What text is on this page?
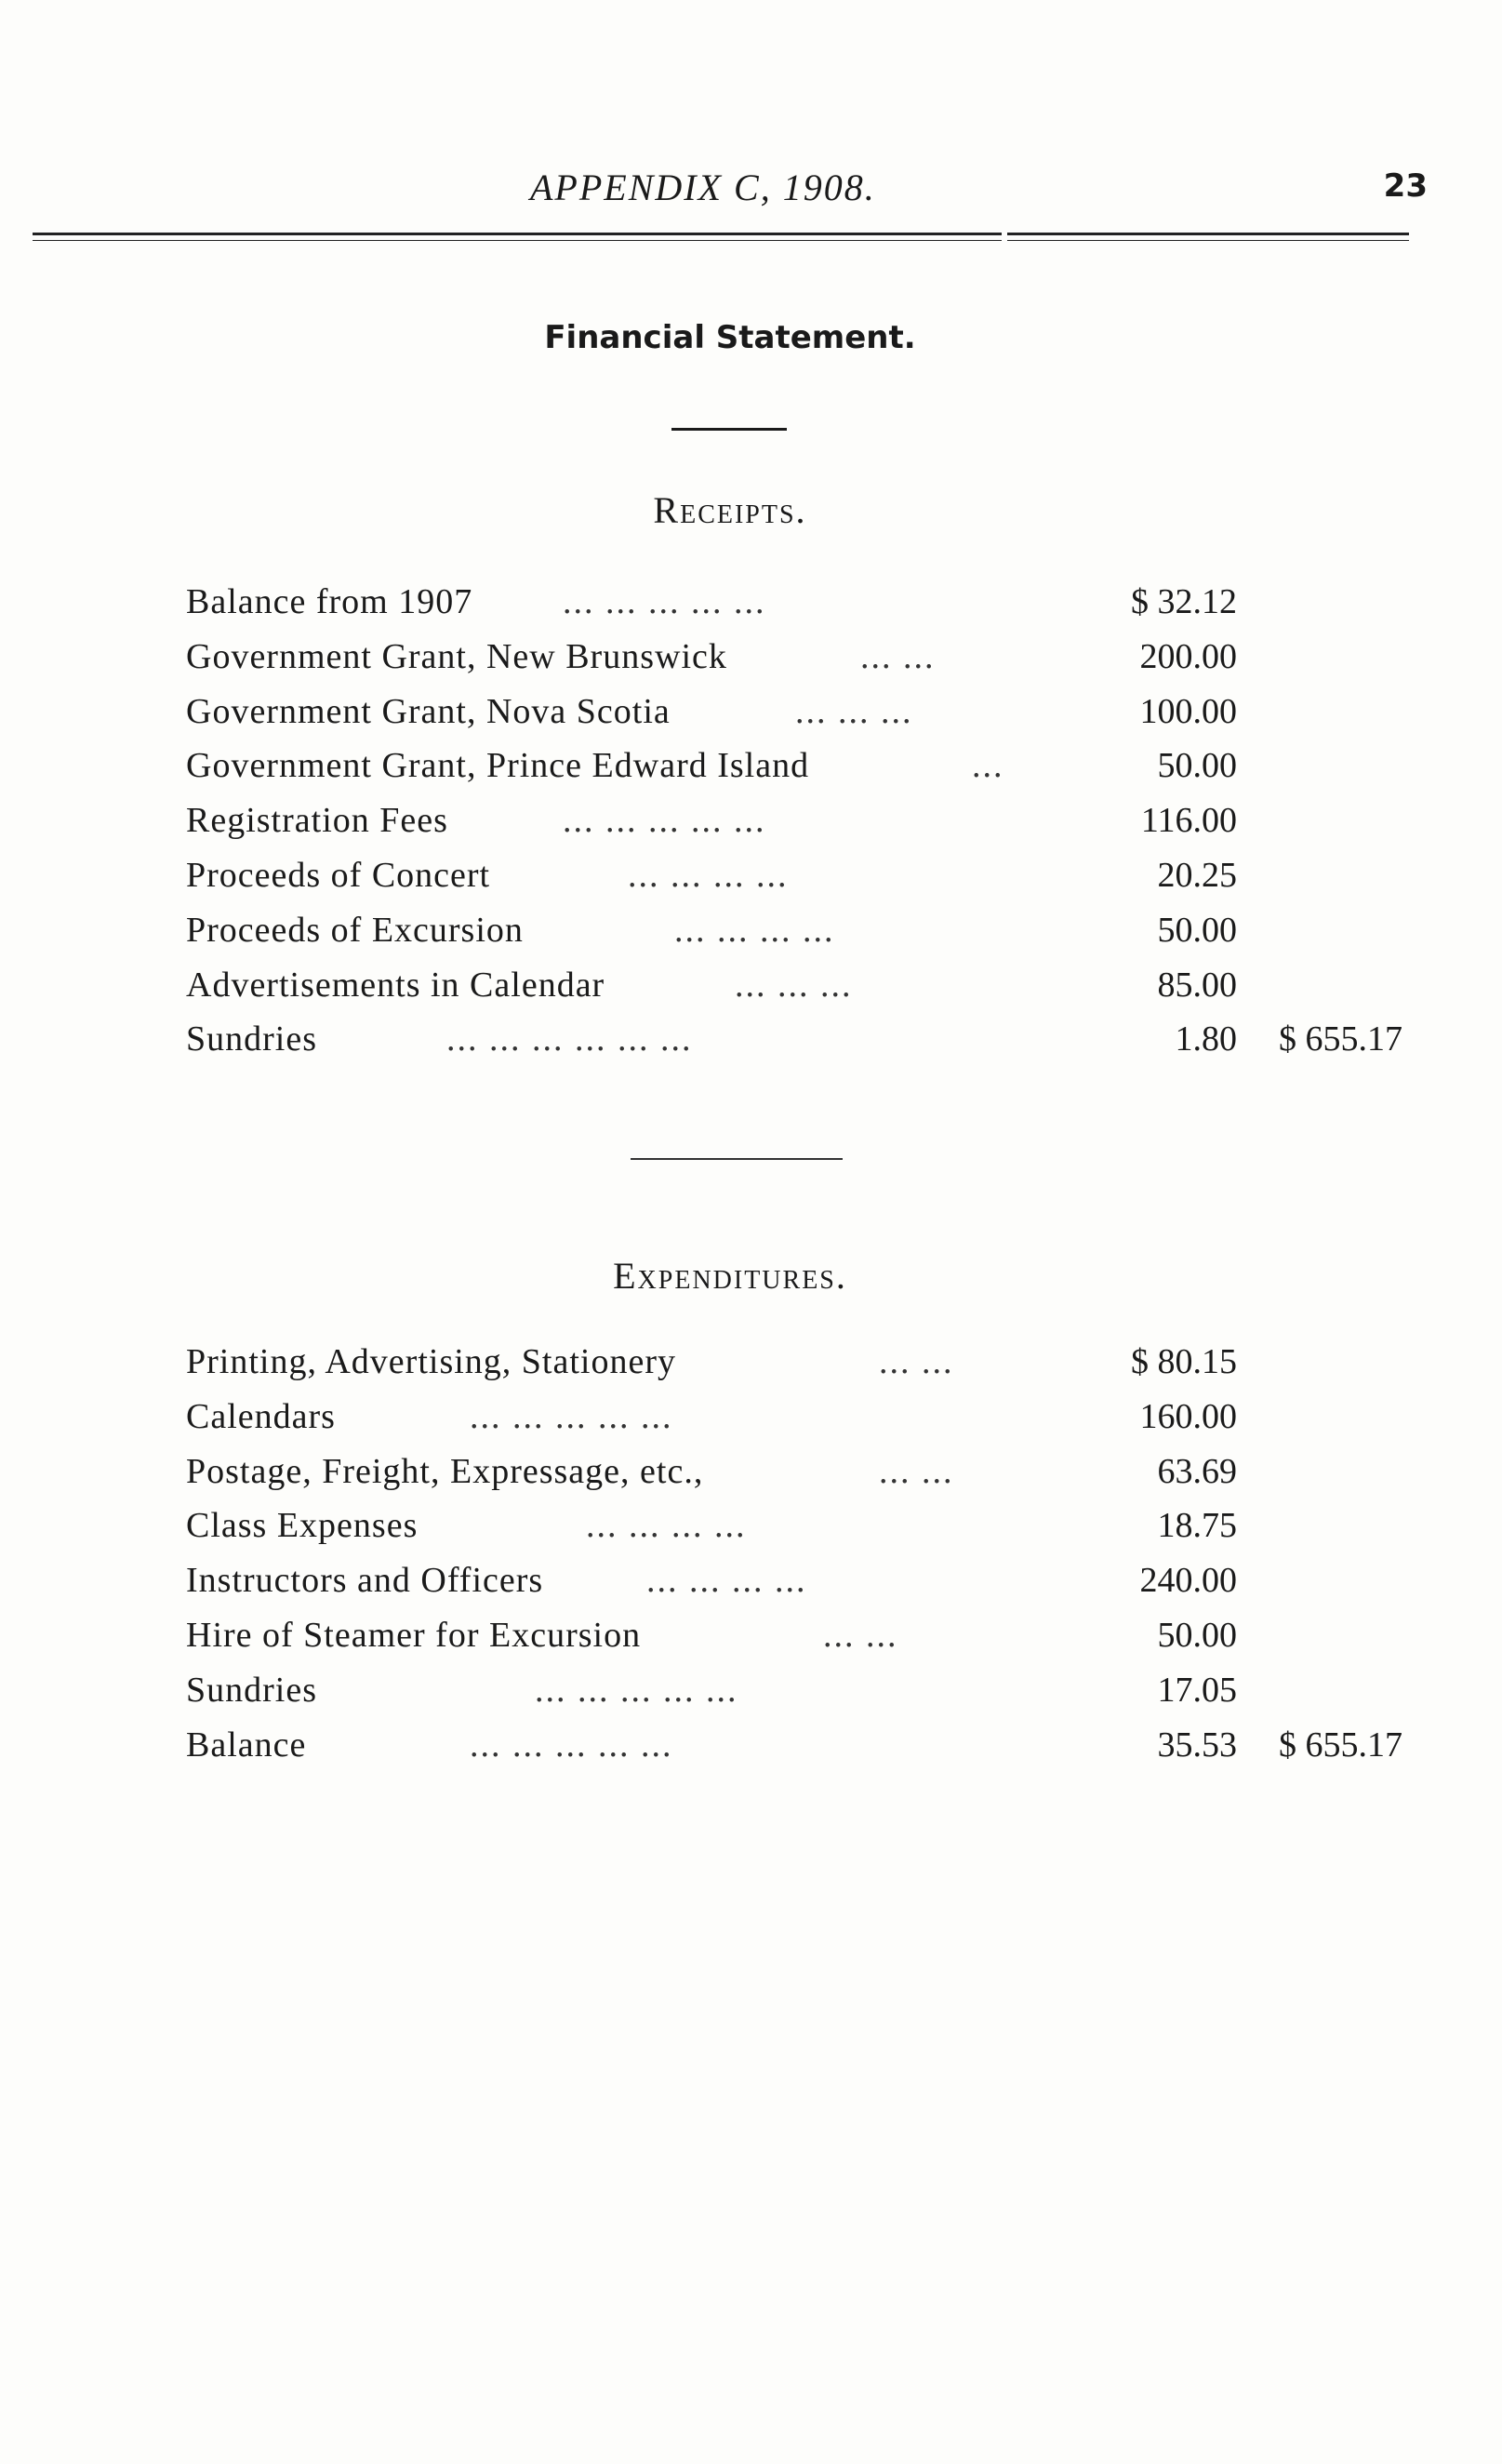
APPENDIX C, 1908.	23
Financial Statement.
Receipts.
Balance from 1907	... ... ... ... ...	$ 32.12
Government Grant, New Brunswick	... ...	200.00
Government Grant, Nova Scotia	... ... ...	100.00
Government Grant, Prince Edward Island	...	50.00
Registration Fees	... ... ... ... ...	116.00
Proceeds of Concert	... ... ... ...	20.25
Proceeds of Excursion	... ... ... ...	50.00
Advertisements in Calendar	... ... ...	85.00
Sundries	... ... ... ... ... ...	1.80 $ 655.17
Expenditures.
Printing, Advertising, Stationery	... ...	$ 80.15
Calendars	... ... ... ... ...	160.00
Postage, Freight, Expressage, etc.,	... ...	63.69
Class Expenses	... ... ... ...	18.75
Instructors and Officers	... ... ... ...	240.00
Hire of Steamer for Excursion	... ...	50.00
Sundries	... ... ... ... ...	17.05
Balance	... ... ... ... ...	35.53 $ 655.17
